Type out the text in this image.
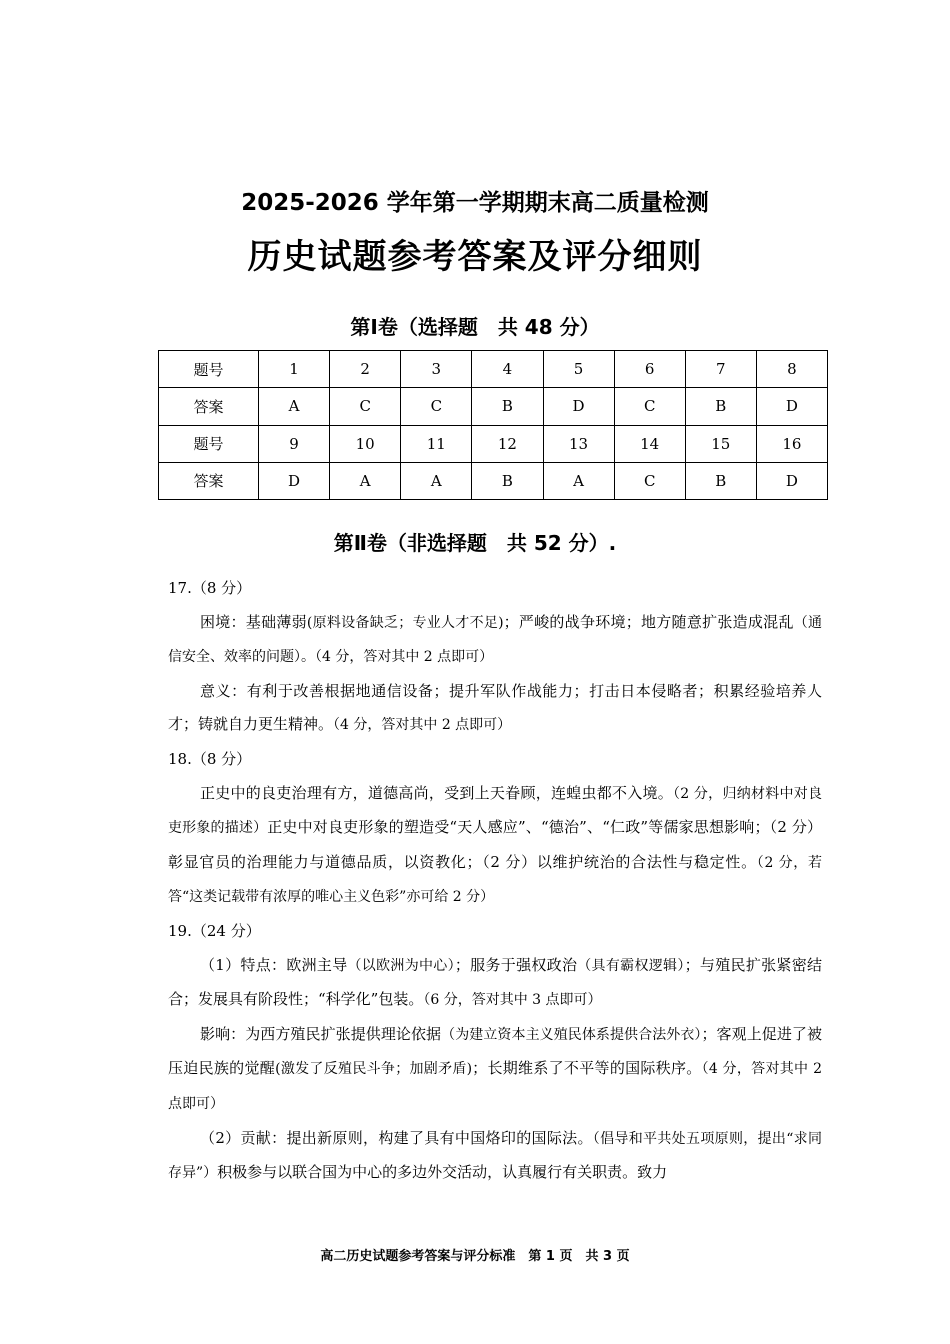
2025-2026 学年第一学期期末高二质量检测
历史试题参考答案及评分细则
第Ⅰ卷（选择题　共 48 分）
题号	1	2	3	4	5	6	7	8
答案	A	C	C	B	D	C	B	D
题号	9	10	11	12	13	14	15	16
答案	D	A	A	B	A	C	B	D
第Ⅱ卷（非选择题　共 52 分）.

17.（8 分）

困境：基础薄弱(原料设备缺乏；专业人才不足)；严峻的战争环境；地方随意扩张造成混乱（通信安全、效率的问题）。（4 分，答对其中 2 点即可）

意义：有利于改善根据地通信设备；提升军队作战能力；打击日本侵略者；积累经验培养人才；铸就自力更生精神。（4 分，答对其中 2 点即可）

18.（8 分）

正史中的良吏治理有方，道德高尚，受到上天眷顾，连蝗虫都不入境。（2 分，归纳材料中对良吏形象的描述）正史中对良吏形象的塑造受“天人感应”、“德治”、“仁政”等儒家思想影响；（2 分）彰显官员的治理能力与道德品质，以资教化；（2 分）以维护统治的合法性与稳定性。（2 分，若答“这类记载带有浓厚的唯心主义色彩”亦可给 2 分）

19.（24 分）

（1）特点：欧洲主导（以欧洲为中心）；服务于强权政治（具有霸权逻辑）；与殖民扩张紧密结合；发展具有阶段性；“科学化”包装。（6 分，答对其中 3 点即可）

影响：为西方殖民扩张提供理论依据（为建立资本主义殖民体系提供合法外衣）；客观上促进了被压迫民族的觉醒(激发了反殖民斗争；加剧矛盾)；长期维系了不平等的国际秩序。（4 分，答对其中 2 点即可）

（2）贡献：提出新原则，构建了具有中国烙印的国际法。（倡导和平共处五项原则，提出“求同存异”）积极参与以联合国为中心的多边外交活动，认真履行有关职责。致力

高二历史试题参考答案与评分标准　第 1 页　共 3 页
